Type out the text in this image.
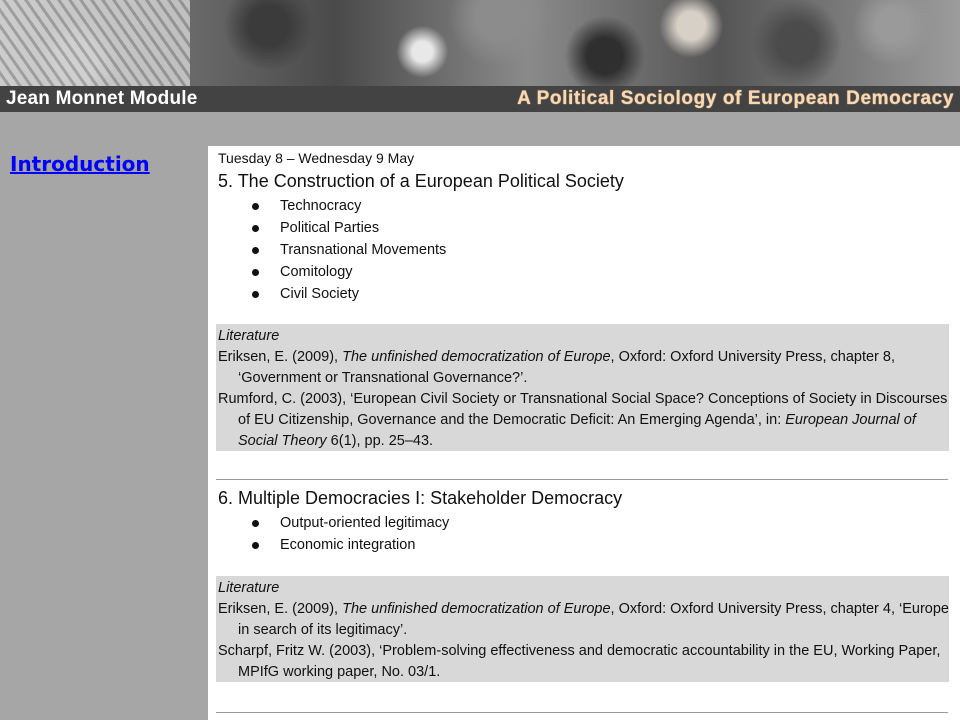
Jean Monnet Module	A Political Sociology of European Democracy
Introduction	Tuesday 8 – Wednesday 9 May
5. The Construction of a European Political Society
Technocracy
Political Parties
Transnational Movements
Comitology
Civil Society

Literature

Eriksen, E. (2009), The unfinished democratization of Europe, Oxford: Oxford University Press, chapter 8, ‘Government or Transnational Governance?’.

Rumford, C. (2003), ‘European Civil Society or Transnational Social Space? Conceptions of Society in Discourses of EU Citizenship, Governance and the Democratic Deficit: An Emerging Agenda’, in: European Journal of Social Theory 6(1), pp. 25–43.

6. Multiple Democracies I: Stakeholder Democracy
Output-oriented legitimacy
Economic integration

Literature

Eriksen, E. (2009), The unfinished democratization of Europe, Oxford: Oxford University Press, chapter 4, ‘Europe in search of its legitimacy’.

Scharpf, Fritz W. (2003), ‘Problem-solving effectiveness and democratic accountability in the EU, Working Paper, MPIfG working paper, No. 03/1.
